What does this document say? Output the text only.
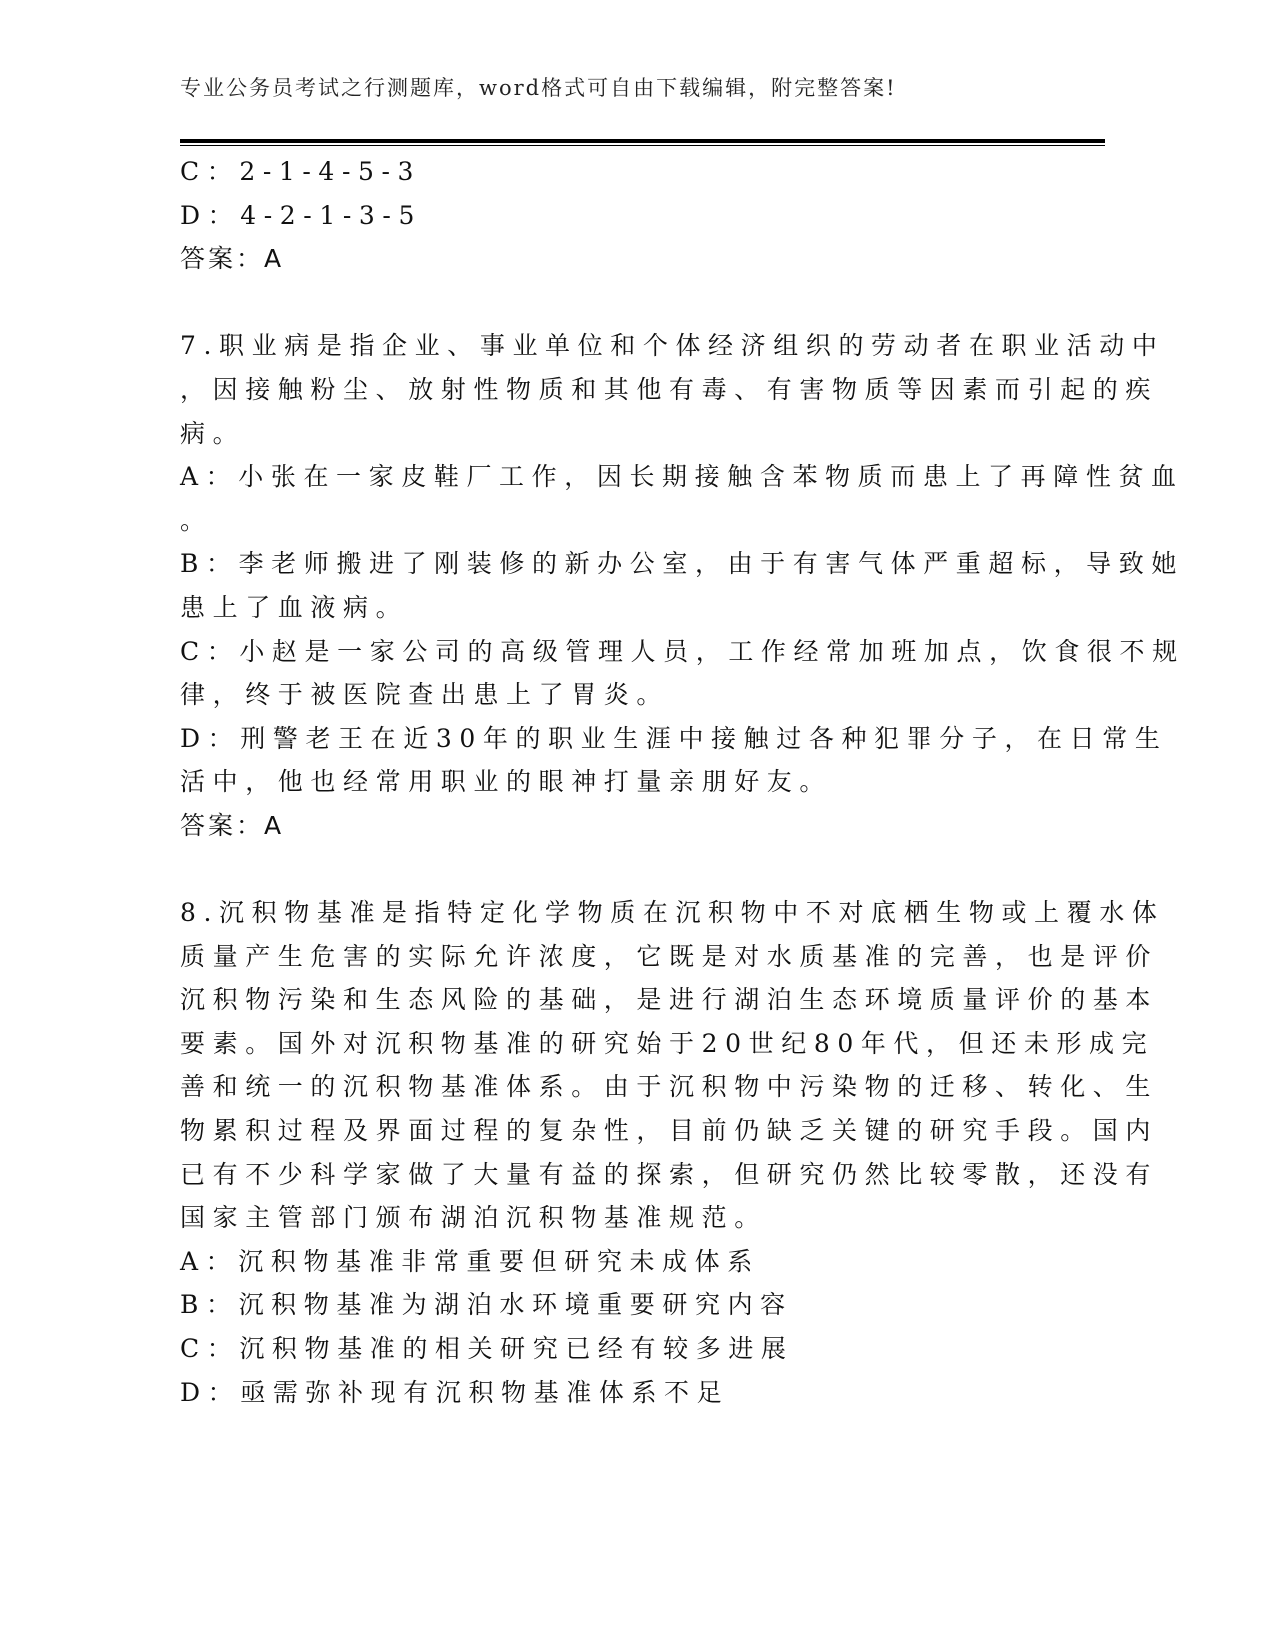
专业公务员考试之行测题库，word格式可自由下载编辑，附完整答案!
C：2-1-4-5-3
D：4-2-1-3-5
答案：A
7.职业病是指企业、事业单位和个体经济组织的劳动者在职业活动中
，因接触粉尘、放射性物质和其他有毒、有害物质等因素而引起的疾
病。
A：小张在一家皮鞋厂工作，因长期接触含苯物质而患上了再障性贫血
。
B：李老师搬进了刚装修的新办公室，由于有害气体严重超标，导致她
患上了血液病。
C：小赵是一家公司的高级管理人员，工作经常加班加点，饮食很不规
律，终于被医院查出患上了胃炎。
D：刑警老王在近30年的职业生涯中接触过各种犯罪分子，在日常生
活中，他也经常用职业的眼神打量亲朋好友。
答案：A
8.沉积物基准是指特定化学物质在沉积物中不对底栖生物或上覆水体
质量产生危害的实际允许浓度，它既是对水质基准的完善，也是评价
沉积物污染和生态风险的基础，是进行湖泊生态环境质量评价的基本
要素。国外对沉积物基准的研究始于20世纪80年代，但还未形成完
善和统一的沉积物基准体系。由于沉积物中污染物的迁移、转化、生
物累积过程及界面过程的复杂性，目前仍缺乏关键的研究手段。国内
已有不少科学家做了大量有益的探索，但研究仍然比较零散，还没有
国家主管部门颁布湖泊沉积物基准规范。
A：沉积物基准非常重要但研究未成体系
B：沉积物基准为湖泊水环境重要研究内容
C：沉积物基准的相关研究已经有较多进展
D：亟需弥补现有沉积物基准体系不足
